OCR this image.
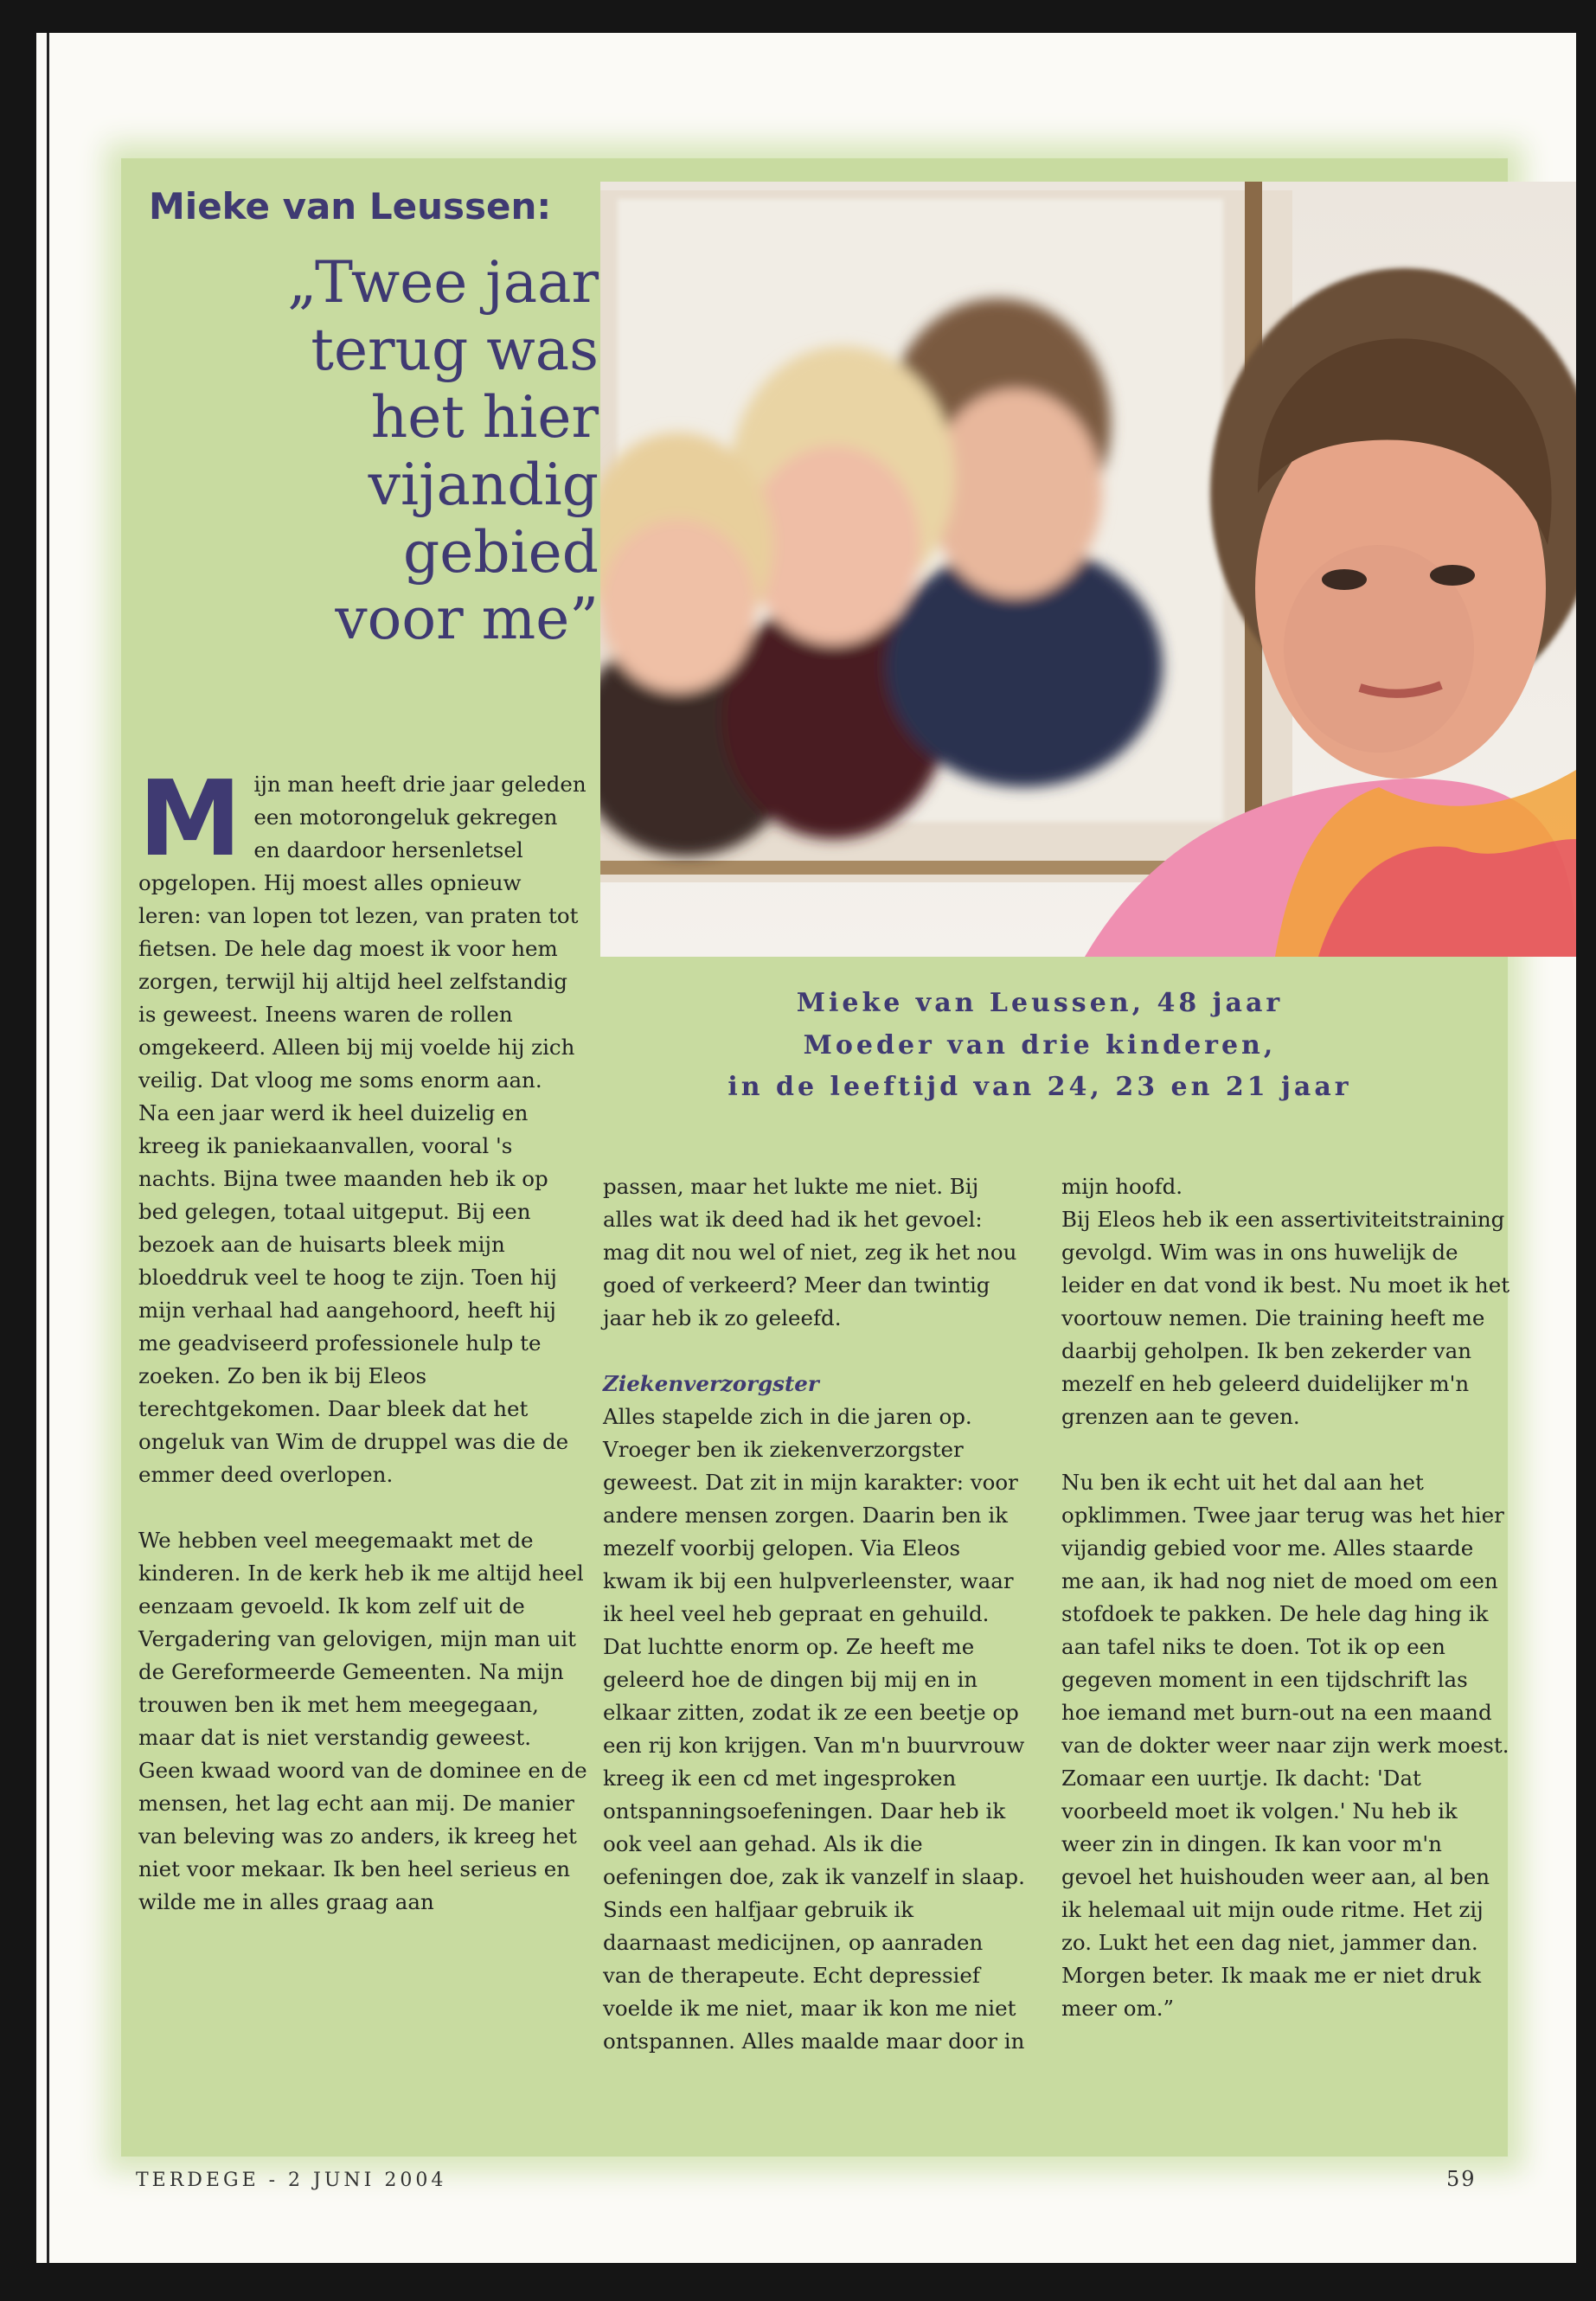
Mieke van Leussen:
„Twee jaar
terug was
het hier
vijandig
gebied
voor me”
Mieke van Leussen, 48 jaar
Moeder van drie kinderen,
in de leeftijd van 24, 23 en 21 jaar

Mijn man heeft drie jaar geleden een motorongeluk gekregen en daardoor hersenletsel opgelopen. Hij moest alles opnieuw leren: van lopen tot lezen, van praten tot fietsen. De hele dag moest ik voor hem zorgen, terwijl hij altijd heel zelfstandig is geweest. Ineens waren de rollen omgekeerd. Alleen bij mij voelde hij zich veilig. Dat vloog me soms enorm aan.

Na een jaar werd ik heel duizelig en kreeg ik paniekaanvallen, vooral 's nachts. Bijna twee maanden heb ik op bed gelegen, totaal uitgeput. Bij een bezoek aan de huisarts bleek mijn bloeddruk veel te hoog te zijn. Toen hij mijn verhaal had aangehoord, heeft hij me geadviseerd professionele hulp te zoeken. Zo ben ik bij Eleos terechtgekomen. Daar bleek dat het ongeluk van Wim de druppel was die de emmer deed overlopen.

We hebben veel meegemaakt met de kinderen. In de kerk heb ik me altijd heel eenzaam gevoeld. Ik kom zelf uit de Vergadering van gelovigen, mijn man uit de Gereformeerde Gemeenten. Na mijn trouwen ben ik met hem meegegaan, maar dat is niet verstandig geweest. Geen kwaad woord van de dominee en de mensen, het lag echt aan mij. De manier van beleving was zo anders, ik kreeg het niet voor mekaar. Ik ben heel serieus en wilde me in alles graag aan

passen, maar het lukte me niet. Bij alles wat ik deed had ik het gevoel: mag dit nou wel of niet, zeg ik het nou goed of verkeerd? Meer dan twintig jaar heb ik zo geleefd.

Ziekenverzorgster

Alles stapelde zich in die jaren op. Vroeger ben ik ziekenverzorgster geweest. Dat zit in mijn karakter: voor andere mensen zorgen. Daarin ben ik mezelf voorbij gelopen. Via Eleos kwam ik bij een hulpverleenster, waar ik heel veel heb gepraat en gehuild. Dat luchtte enorm op. Ze heeft me geleerd hoe de dingen bij mij en in elkaar zitten, zodat ik ze een beetje op een rij kon krijgen. Van m'n buurvrouw kreeg ik een cd met ingesproken ontspanningsoefeningen. Daar heb ik ook veel aan gehad. Als ik die oefeningen doe, zak ik vanzelf in slaap. Sinds een halfjaar gebruik ik daarnaast medicijnen, op aanraden van de therapeute. Echt depressief voelde ik me niet, maar ik kon me niet ontspannen. Alles maalde maar door in

mijn hoofd.

Bij Eleos heb ik een assertiviteitstraining gevolgd. Wim was in ons huwelijk de leider en dat vond ik best. Nu moet ik het voortouw nemen. Die training heeft me daarbij geholpen. Ik ben zekerder van mezelf en heb geleerd duidelijker m'n grenzen aan te geven.

Nu ben ik echt uit het dal aan het opklimmen. Twee jaar terug was het hier vijandig gebied voor me. Alles staarde me aan, ik had nog niet de moed om een stofdoek te pakken. De hele dag hing ik aan tafel niks te doen. Tot ik op een gegeven moment in een tijdschrift las hoe iemand met burn-out na een maand van de dokter weer naar zijn werk moest. Zomaar een uurtje. Ik dacht: 'Dat voorbeeld moet ik volgen.' Nu heb ik weer zin in dingen. Ik kan voor m'n gevoel het huishouden weer aan, al ben ik helemaal uit mijn oude ritme. Het zij zo. Lukt het een dag niet, jammer dan. Morgen beter. Ik maak me er niet druk meer om.”

TERDEGE - 2 JUNI 2004	59
